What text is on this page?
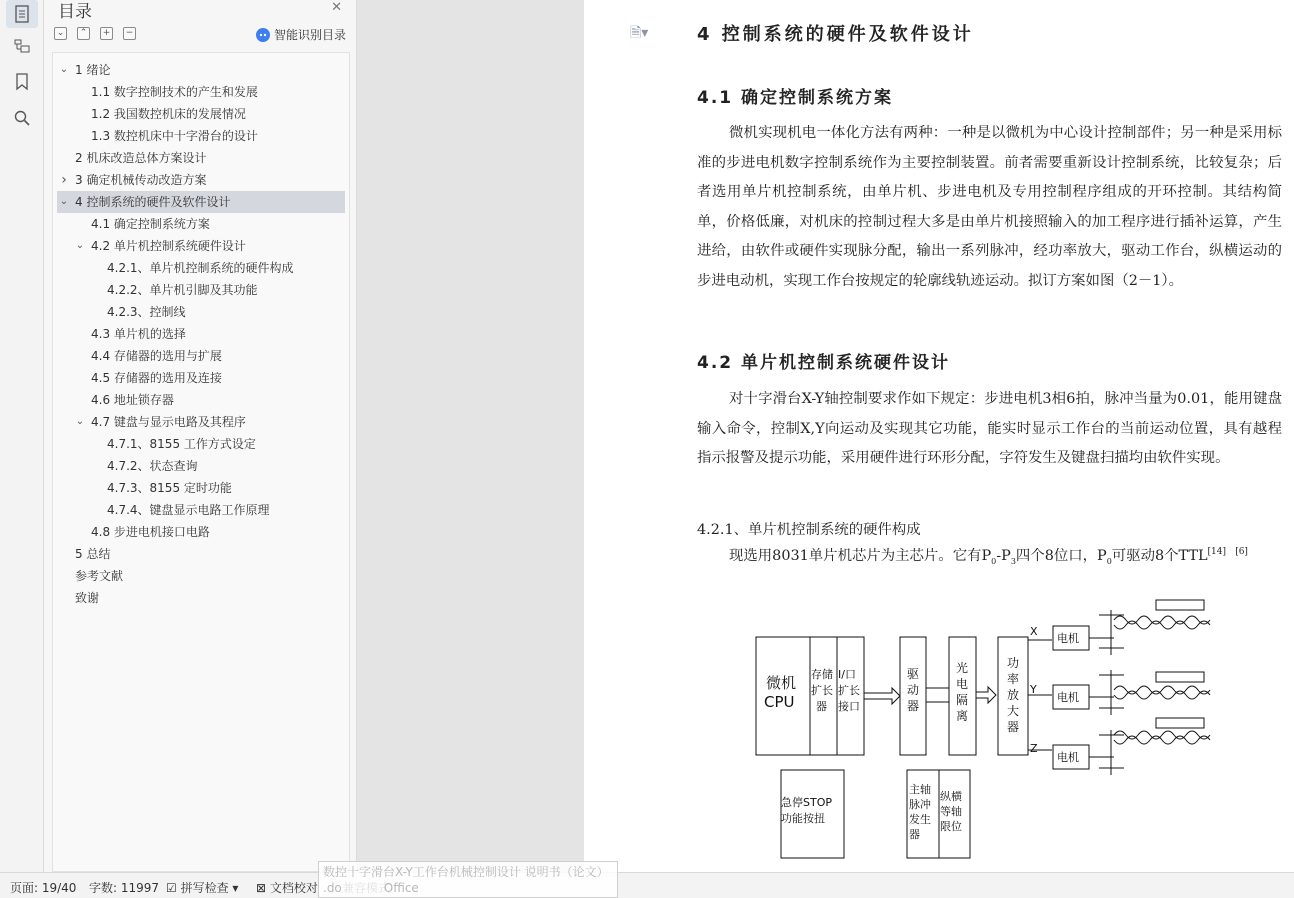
目录	✕
⌄	⌃	+	−	智能识别目录
⌄ 1 绪论
1.1 数字控制技术的产生和发展
1.2 我国数控机床的发展情况
1.3 数控机床中十字滑台的设计
2 机床改造总体方案设计
› 3 确定机械传动改造方案
⌄ 4 控制系统的硬件及软件设计
4.1 确定控制系统方案
⌄ 4.2 单片机控制系统硬件设计
4.2.1、单片机控制系统的硬件构成
4.2.2、单片机引脚及其功能
4.2.3、控制线
4.3 单片机的选择
4.4 存储器的选用与扩展
4.5 存储器的选用及连接
4.6 地址锁存器
⌄ 4.7 键盘与显示电路及其程序
4.7.1、8155 工作方式设定
4.7.2、状态查询
4.7.3、8155 定时功能
4.7.4、键盘显示电路工作原理
4.8 步进电机接口电路
5 总结
参考文献
致谢
🗎▾	4 控制系统的硬件及软件设计
4.1 确定控制系统方案
微机实现机电一体化方法有两种：一种是以微机为中心设计控制部件；另一种是采用标准的步进电机数字控制系统作为主要控制装置。前者需要重新设计控制系统，比较复杂；后者选用单片机控制系统，由单片机、步进电机及专用控制程序组成的开环控制。其结构简单，价格低廉，对机床的控制过程大多是由单片机接照输入的加工程序进行插补运算，产生进给，由软件或硬件实现脉分配，输出一系列脉冲，经功率放大，驱动工作台，纵横运动的步进电动机，实现工作台按规定的轮廓线轨迹运动。拟订方案如图（2－1）。
4.2 单片机控制系统硬件设计
对十字滑台X-Y轴控制要求作如下规定：步进电机3相6拍，脉冲当量为0.01，能用键盘输入命令，控制X,Y向运动及实现其它功能，能实时显示工作台的当前运动位置，具有越程指示报警及提示功能，采用硬件进行环形分配，字符发生及键盘扫描均由软件实现。
4.2.1、单片机控制系统的硬件构成
现选用8031单片机芯片为主芯片。它有$P_0-P_3$四个8位口，$P_0$可驱动8个TTL[14] [6]
微机
CPU
存储
扩长
器
I/口
扩长
接口
驱
动
器
光
电
隔
离
功
率
放
大
器
X
Y
Z
电机
电机
电机
急停STOP
功能按扭
主轴
脉冲
发生
器
纵横
等轴
限位
页面: 19/40 字数: 11997 ☑ 拼写检查 ▾ ⊠ 文档校对
数控十字滑台X-Y工作台机械控制设计 说明书（论文）
.do	Office
